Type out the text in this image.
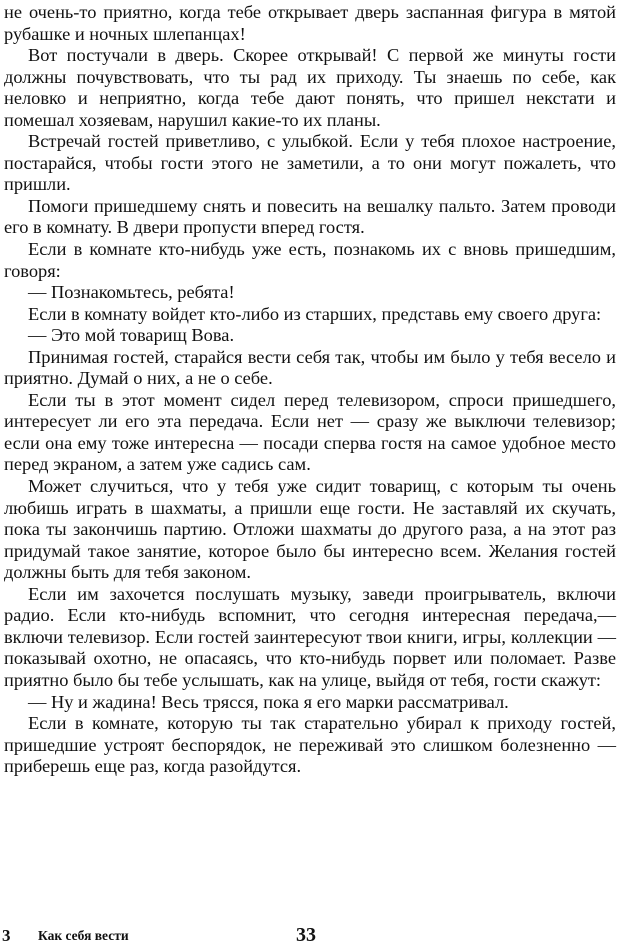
не очень-то приятно, когда тебе открывает дверь заспанная фигура в мятой рубашке и ночных шлепанцах!

Вот постучали в дверь. Скорее открывай! С первой же минуты гости должны почувствовать, что ты рад их приходу. Ты знаешь по себе, как неловко и неприятно, когда тебе дают понять, что пришел некстати и помешал хозяевам, нарушил какие-то их планы.

Встречай гостей приветливо, с улыбкой. Если у тебя плохое настроение, постарайся, чтобы гости этого не заметили, а то они могут пожалеть, что пришли.

Помоги пришедшему снять и повесить на вешалку пальто. Затем проводи его в комнату. В двери пропусти вперед гостя.

Если в комнате кто-нибудь уже есть, познакомь их с вновь пришедшим, говоря:

— Познакомьтесь, ребята!

Если в комнату войдет кто-либо из старших, представь ему своего друга:

— Это мой товарищ Вова.

Принимая гостей, старайся вести себя так, чтобы им было у тебя весело и приятно. Думай о них, а не о себе.

Если ты в этот момент сидел перед телевизором, спроси пришедшего, интересует ли его эта передача. Если нет — сразу же выключи телевизор; если она ему тоже интересна — посади сперва гостя на самое удобное место перед экраном, а затем уже садись сам.

Может случиться, что у тебя уже сидит товарищ, с которым ты очень любишь играть в шахматы, а пришли еще гости. Не заставляй их скучать, пока ты закончишь партию. Отложи шахматы до другого раза, а на этот раз придумай такое занятие, которое было бы интересно всем. Желания гостей должны быть для тебя законом.

Если им захочется послушать музыку, заведи проигрыватель, включи радио. Если кто-нибудь вспомнит, что сегодня интересная передача,— включи телевизор. Если гостей заинтересуют твои книги, игры, коллекции — показывай охотно, не опасаясь, что кто-нибудь порвет или поломает. Разве приятно было бы тебе услышать, как на улице, выйдя от тебя, гости скажут:

— Ну и жадина! Весь трясся, пока я его марки рассматривал.

Если в комнате, которую ты так старательно убирал к приходу гостей, пришедшие устроят беспорядок, не переживай это слишком болезненно — приберешь еще раз, когда разойдутся.

3 Как себя вести	33
